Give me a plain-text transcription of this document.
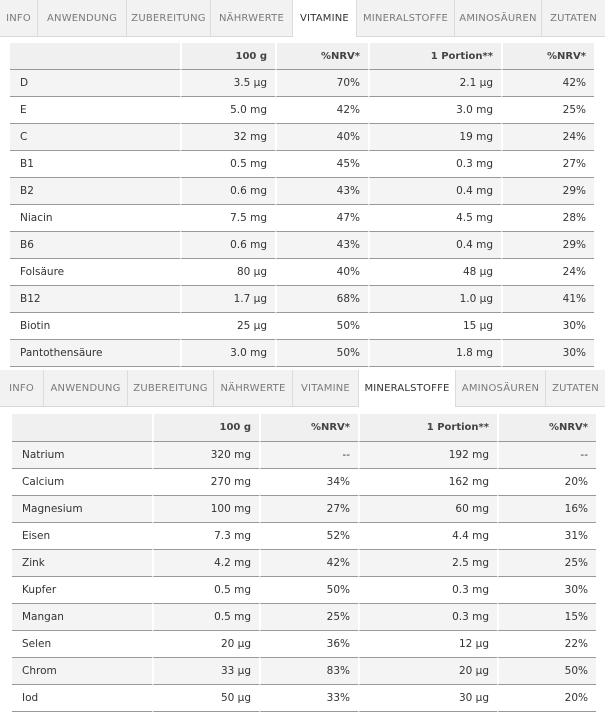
INFO	ANWENDUNG	ZUBEREITUNG	NÄHRWERTE	VITAMINE	MINERALSTOFFE	AMINOSÄUREN	ZUTATEN
	100 g	%NRV*	1 Portion**	%NRV*
D	3.5 µg	70%	2.1 µg	42%
E	5.0 mg	42%	3.0 mg	25%
C	32 mg	40%	19 mg	24%
B1	0.5 mg	45%	0.3 mg	27%
B2	0.6 mg	43%	0.4 mg	29%
Niacin	7.5 mg	47%	4.5 mg	28%
B6	0.6 mg	43%	0.4 mg	29%
Folsäure	80 µg	40%	48 µg	24%
B12	1.7 µg	68%	1.0 µg	41%
Biotin	25 µg	50%	15 µg	30%
Pantothensäure	3.0 mg	50%	1.8 mg	30%
INFO	ANWENDUNG	ZUBEREITUNG	NÄHRWERTE	VITAMINE	MINERALSTOFFE	AMINOSÄUREN	ZUTATEN
	100 g	%NRV*	1 Portion**	%NRV*
Natrium	320 mg	--	192 mg	--
Calcium	270 mg	34%	162 mg	20%
Magnesium	100 mg	27%	60 mg	16%
Eisen	7.3 mg	52%	4.4 mg	31%
Zink	4.2 mg	42%	2.5 mg	25%
Kupfer	0.5 mg	50%	0.3 mg	30%
Mangan	0.5 mg	25%	0.3 mg	15%
Selen	20 µg	36%	12 µg	22%
Chrom	33 µg	83%	20 µg	50%
Iod	50 µg	33%	30 µg	20%
